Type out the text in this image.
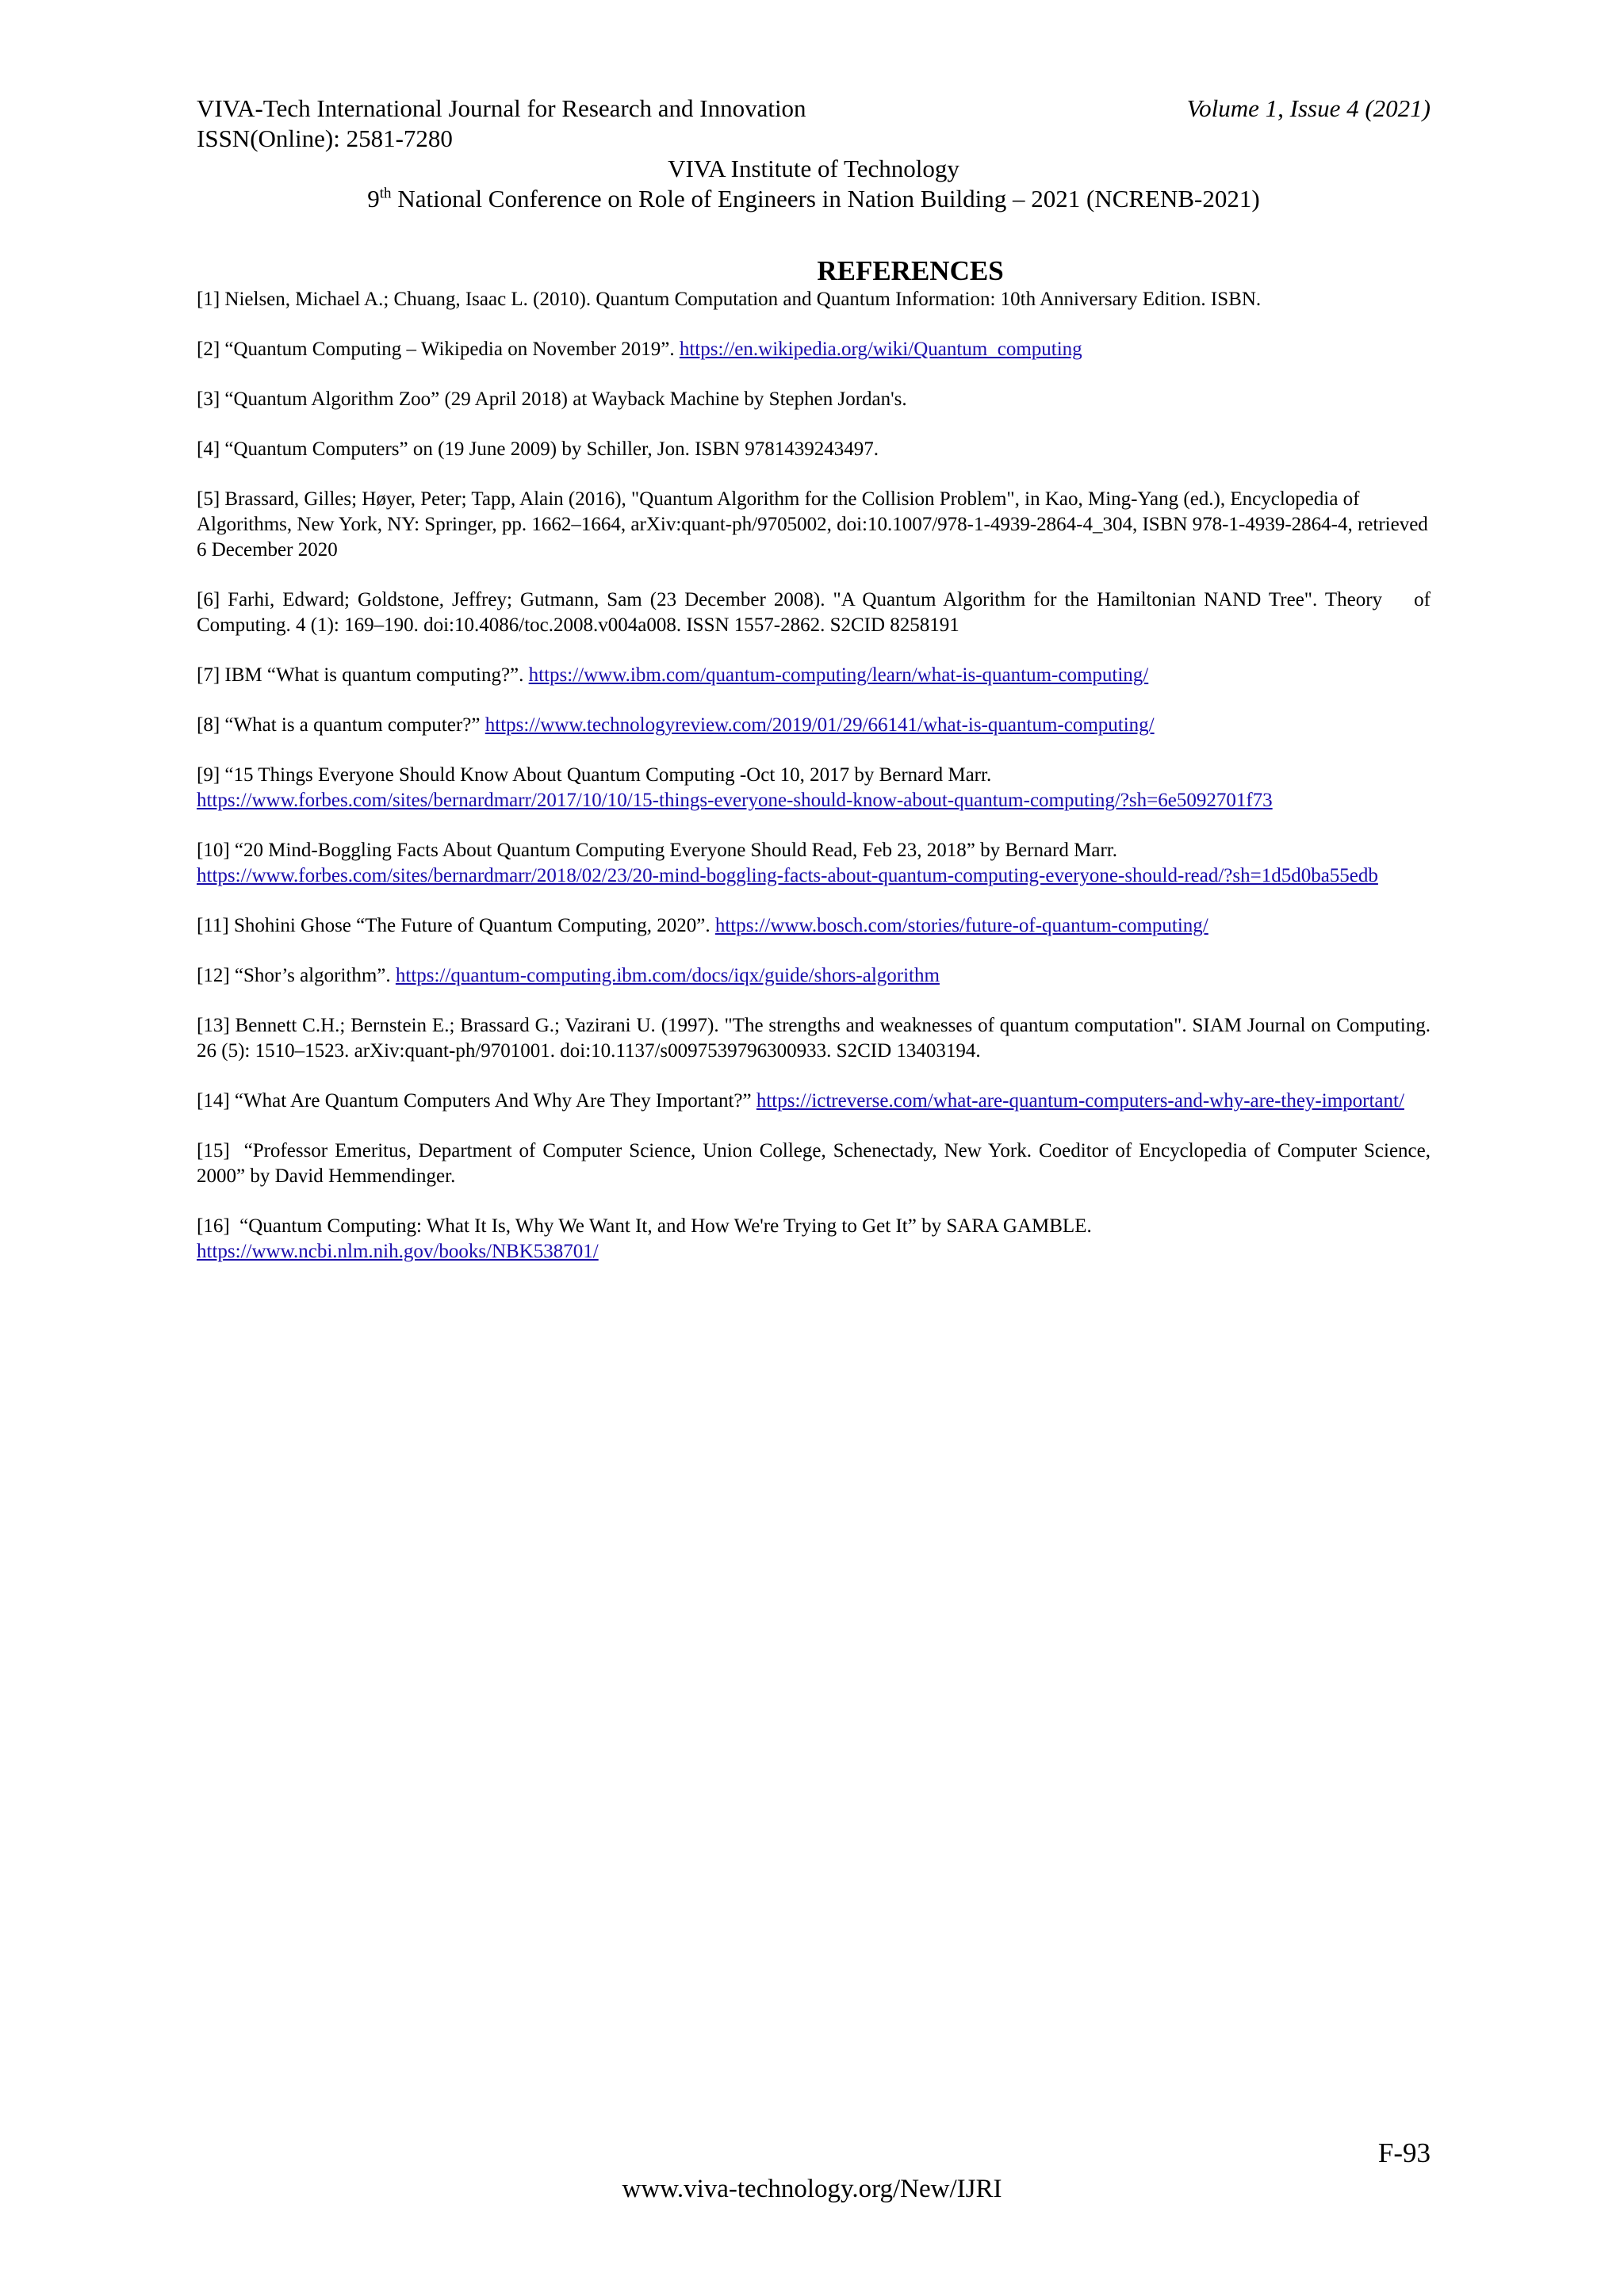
VIVA-Tech International Journal for Research and Innovation	Volume 1, Issue 4 (2021)
ISSN(Online): 2581-7280
VIVA Institute of Technology
9th National Conference on Role of Engineers in Nation Building – 2021 (NCRENB-2021)
REFERENCES
[1] Nielsen, Michael A.; Chuang, Isaac L. (2010). Quantum Computation and Quantum Information: 10th Anniversary Edition. ISBN.
[2] “Quantum Computing – Wikipedia on November 2019”. https://en.wikipedia.org/wiki/Quantum_computing
[3] “Quantum Algorithm Zoo” (29 April 2018) at Wayback Machine by Stephen Jordan's.
[4] “Quantum Computers” on (19 June 2009) by Schiller, Jon. ISBN 9781439243497.
[5] Brassard, Gilles; Høyer, Peter; Tapp, Alain (2016), "Quantum Algorithm for the Collision Problem", in Kao, Ming-Yang (ed.), Encyclopedia of Algorithms, New York, NY: Springer, pp. 1662–1664, arXiv:quant-ph/9705002, doi:10.1007/978-1-4939-2864-4_304, ISBN 978-1-4939-2864-4, retrieved 6 December 2020
[6] Farhi, Edward; Goldstone, Jeffrey; Gutmann, Sam (23 December 2008). "A Quantum Algorithm for the Hamiltonian NAND Tree". Theory    of Computing. 4 (1): 169–190. doi:10.4086/toc.2008.v004a008. ISSN 1557-2862. S2CID 8258191
[7] IBM “What is quantum computing?”. https://www.ibm.com/quantum-computing/learn/what-is-quantum-computing/
[8] “What is a quantum computer?” https://www.technologyreview.com/2019/01/29/66141/what-is-quantum-computing/
[9] “15 Things Everyone Should Know About Quantum Computing -Oct 10, 2017 by Bernard Marr.
https://www.forbes.com/sites/bernardmarr/2017/10/10/15-things-everyone-should-know-about-quantum-computing/?sh=6e5092701f73
[10] “20 Mind-Boggling Facts About Quantum Computing Everyone Should Read, Feb 23, 2018” by Bernard Marr.
https://www.forbes.com/sites/bernardmarr/2018/02/23/20-mind-boggling-facts-about-quantum-computing-everyone-should-read/?sh=1d5d0ba55edb
[11] Shohini Ghose “The Future of Quantum Computing, 2020”. https://www.bosch.com/stories/future-of-quantum-computing/
[12] “Shor’s algorithm”. https://quantum-computing.ibm.com/docs/iqx/guide/shors-algorithm
[13] Bennett C.H.; Bernstein E.; Brassard G.; Vazirani U. (1997). "The strengths and weaknesses of quantum computation". SIAM Journal on Computing. 26 (5): 1510–1523. arXiv:quant-ph/9701001. doi:10.1137/s0097539796300933. S2CID 13403194.
[14] “What Are Quantum Computers And Why Are They Important?” https://ictreverse.com/what-are-quantum-computers-and-why-are-they-important/
[15]  “Professor Emeritus, Department of Computer Science, Union College, Schenectady, New York. Coeditor of Encyclopedia of Computer Science, 2000” by David Hemmendinger.
[16]  “Quantum Computing: What It Is, Why We Want It, and How We're Trying to Get It” by SARA GAMBLE.
https://www.ncbi.nlm.nih.gov/books/NBK538701/
F-93
www.viva-technology.org/New/IJRI
